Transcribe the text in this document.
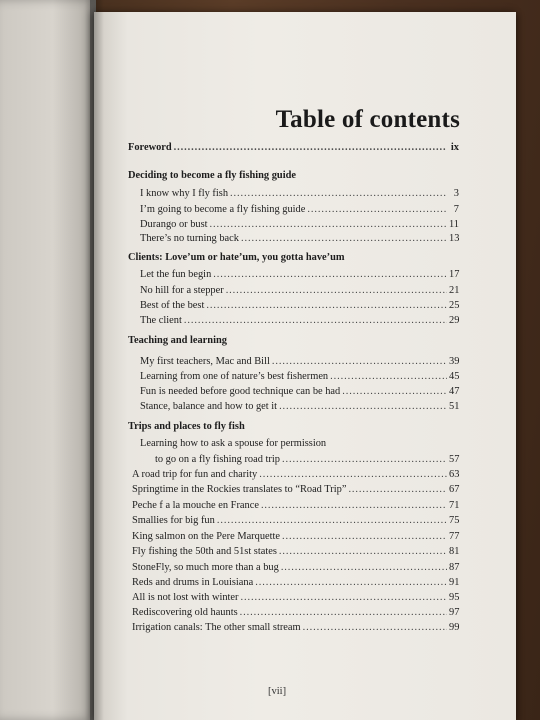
Table of contents
Foreword .....	ix
Deciding to become a fly fishing guide
I know why I fly fish .....	3
I’m going to become a fly fishing guide .....	7
Durango or bust .....	11
There’s no turning back .....	13
Clients: Love’um or hate’um, you gotta have’um
Let the fun begin .....	17
No hill for a stepper .....	21
Best of the best .....	25
The client .....	29
Teaching and learning
My first teachers, Mac and Bill .....	39
Learning from one of nature’s best fishermen .....	45
Fun is needed before good technique can be had .....	47
Stance, balance and how to get it .....	51
Trips and places to fly fish
Learning how to ask a spouse for permission
to go on a fly fishing road trip .....	57
A road trip for fun and charity .....	63
Springtime in the Rockies translates to “Road Trip” .....	67
Peche f a la mouche en France .....	71
Smallies for big fun .....	75
King salmon on the Pere Marquette .....	77
Fly fishing the 50th and 51st states .....	81
StoneFly, so much more than a bug .....	87
Reds and drums in Louisiana .....	91
All is not lost with winter .....	95
Rediscovering old haunts .....	97
Irrigation canals: The other small stream .....	99
[vii]
